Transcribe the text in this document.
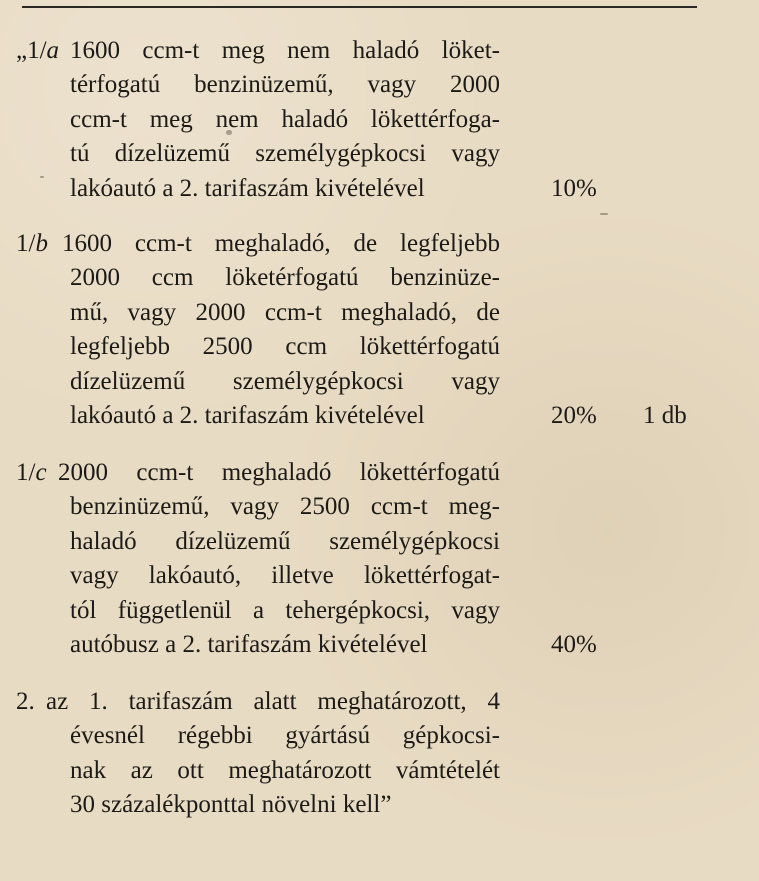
„1/a 1600 ccm-t meg nem haladó löket-
térfogatú benzinüzemű, vagy 2000
ccm-t meg nem haladó lökettérfoga-
tú dízelüzemű személygépkocsi vagy
lakóautó a 2. tarifaszám kivételével	10%
1/b 1600 ccm-t meghaladó, de legfeljebb
2000 ccm löketérfogatú benzinüze-
mű, vagy 2000 ccm-t meghaladó, de
legfeljebb 2500 ccm lökettérfogatú
dízelüzemű személygépkocsi vagy
lakóautó a 2. tarifaszám kivételével	20% 1 db
1/c 2000 ccm-t meghaladó lökettérfogatú
benzinüzemű, vagy 2500 ccm-t meg-
haladó dízelüzemű személygépkocsi
vagy lakóautó, illetve lökettérfogat-
tól függetlenül a tehergépkocsi, vagy
autóbusz a 2. tarifaszám kivételével	40%
2. az 1. tarifaszám alatt meghatározott, 4
évesnél régebbi gyártású gépkocsi-
nak az ott meghatározott vámtételét
30 százalékponttal növelni kell”
